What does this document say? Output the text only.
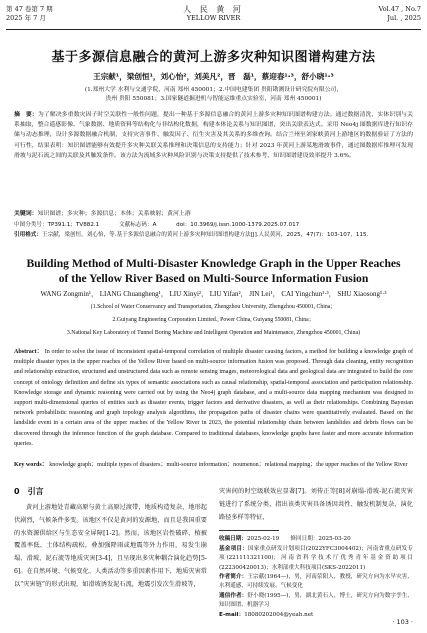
第 47 卷第 7 期
2025 年 7 月
人 民 黄 河
YELLOW RIVER
Vol.47 , No.7
Jul. , 2025
基于多源信息融合的黄河上游多灾种知识图谱构建方法
王宗献¹，梁创恒¹，刘心怡²，刘美凡²，晋　磊¹，蔡迎春¹·³，舒小晓¹·³
(1.郑州大学 水利与交通学院，河南 郑州 450001；2.中国电建集团 贵阳勘测设计研究院有限公司，
贵州 贵阳 550081；3.国家隧道掘进机与智能运维重点实验室，河南 郑州 450001)
摘　要：为了解决多重数灾因子时空关联性一般性问题，提出一种基于多源信息融合的黄河上游多灾种知识图谱构建方法。通过数据清洗、实体识别与关系抽取，整合遥感影像、气象数据、地质资料等结构化与非结构化数据，构建本体论关系与知识图谱，突出关联表达式。采用 Neo4j 图数据库进行知识存储与动态推理，设计多源数据融合机制，支持灾害事件、触发因子、衍生灾害及其关系的多维查询。结合兰州至刘家峡黄河上游地区的数据验证了方法的可行性，结果表明：知识图谱能够有效提升多灾种关联关系推理和决策信息的支持能力；针对 2023 年黄河上游某地滑坡事件，通过图数据库推理可发现滑坡与泥石流之间的关联及其触发条件。该方法为流域多灾种风险识别与决策支持提供了技术参考，知识图谱建设效率提升 3.6%。
关键词：知识图谱；多灾种；多源信息；本体；关系映射；黄河上游
中图分类号：TP391.1；TV882.1	文献标志码：A	doi：10.3969/j.issn.1000-1379.2025.07.017
引用格式：王宗献，梁创恒，刘心怡，等.基于多源信息融合的黄河上游多灾种知识图谱构建方法[J].人民黄河，2025，47(7)：103-107，115.
Building Method of Multi-Disaster Knowledge Graph in the Upper Reaches
of the Yellow River Based on Multi-Source Information Fusion
WANG Zongmin¹， LIANG Chuangheng¹， LIU Xinyi²， LIU Yifan²， JIN Lei¹， CAI Yingchun¹·³， SHU Xiaosong¹·³
(1.School of Water Conservancy and Transportation, Zhengzhou University, Zhengzhou 450001, China；
2.Guiyang Engineering Corporation Limited., Power China, Guiyang 550081, China；
3.National Key Laboratory of Tunnel Boring Machine and Intelligent Operation and Maintenance, Zhengzhou 450001, China)
Abstract： In order to solve the issue of inconsistent spatial-temporal correlation of multiple disaster causing factors, a method for building a knowledge graph of multiple disaster types in the upper reaches of the Yellow River based on multi-source information fusion was proposed. Through data cleaning, entity recognition and relationship extraction, structured and unstructured data such as remote sensing images, meteorological data and geological data are integrated to build the core concept of ontology definition and define six types of semantic associations such as causal relationship, spatial-temporal association and participation relationship. Knowledge storage and dynamic reasoning were carried out by using the Neo4j graph database, and a multi-source data mapping mechanism was designed to support multi-dimensional queries of entities such as disaster events, trigger factors and derivative disasters, as well as their relationships. Combining Bayesian network probabilistic reasoning and graph topology analysis algorithms, the propagation paths of disaster chains were quantitatively evaluated. Based on the landslide event in a certain area of the upper reaches of the Yellow River in 2023, the potential relationship chain between landslides and debris flows can be discovered through the inference function of the graph database. Compared to traditional databases, knowledge graphs have faster and more accurate information queries.
Key words： knowledge graph；multiple types of disasters；multi-source information；noumenon；relational mapping；the upper reaches of the Yellow River
0　引言

黄河上游地处青藏高原与黄土高原过渡带，地质构造复杂，地形起伏剧烈，气候条件多变。该地区不仅是黄河的发源地，而且是我国重要的水资源供给区与生态安全屏障[1-2]。然而，该地区岩性破碎、植被覆盖率低、土体结构疏松，叠加强降雨或地震等外力作用，易发生崩塌、滑坡、泥石流等地质灾害[3-4]，且呈现出多灾种耦合演化趋势[5-6]。在自然环境、气候变化、人类活动等多重因素作用下，地质灾害常以“灾害链”的形式出现，如滑坡诱发泥石流，地震引发次生滑坡等，

灾害间的时空级联效应显著[7]。刘传正等[8]对崩塌-滑坡-泥石流灾害链进行了系统分类，指出该类灾害具备诱因共性、触发机制复杂、演化路径多样等特征，

收稿日期：2025-02-19　　修回日期：2025-03-20

基金项目：国家重点研发计划项目(2022YFC3004402)；河南省重点研发专项(221111321100)；河南省科学技术厅优秀青年基金资助项目(222300420013)；水利部重大科技项目(SKS-2022011)

作者简介：王宗献(1964—)，男，河南荥阳人，教授，研究方向为水旱灾害、水利遥感、可持续发展、气候变化

通信作者：舒小晓(1995—)，男，湖北黄石人，博士，研究方向为数字孪生、知识图谱、机器学习

E-mail：18080202004@yeah.net

· 103 ·
